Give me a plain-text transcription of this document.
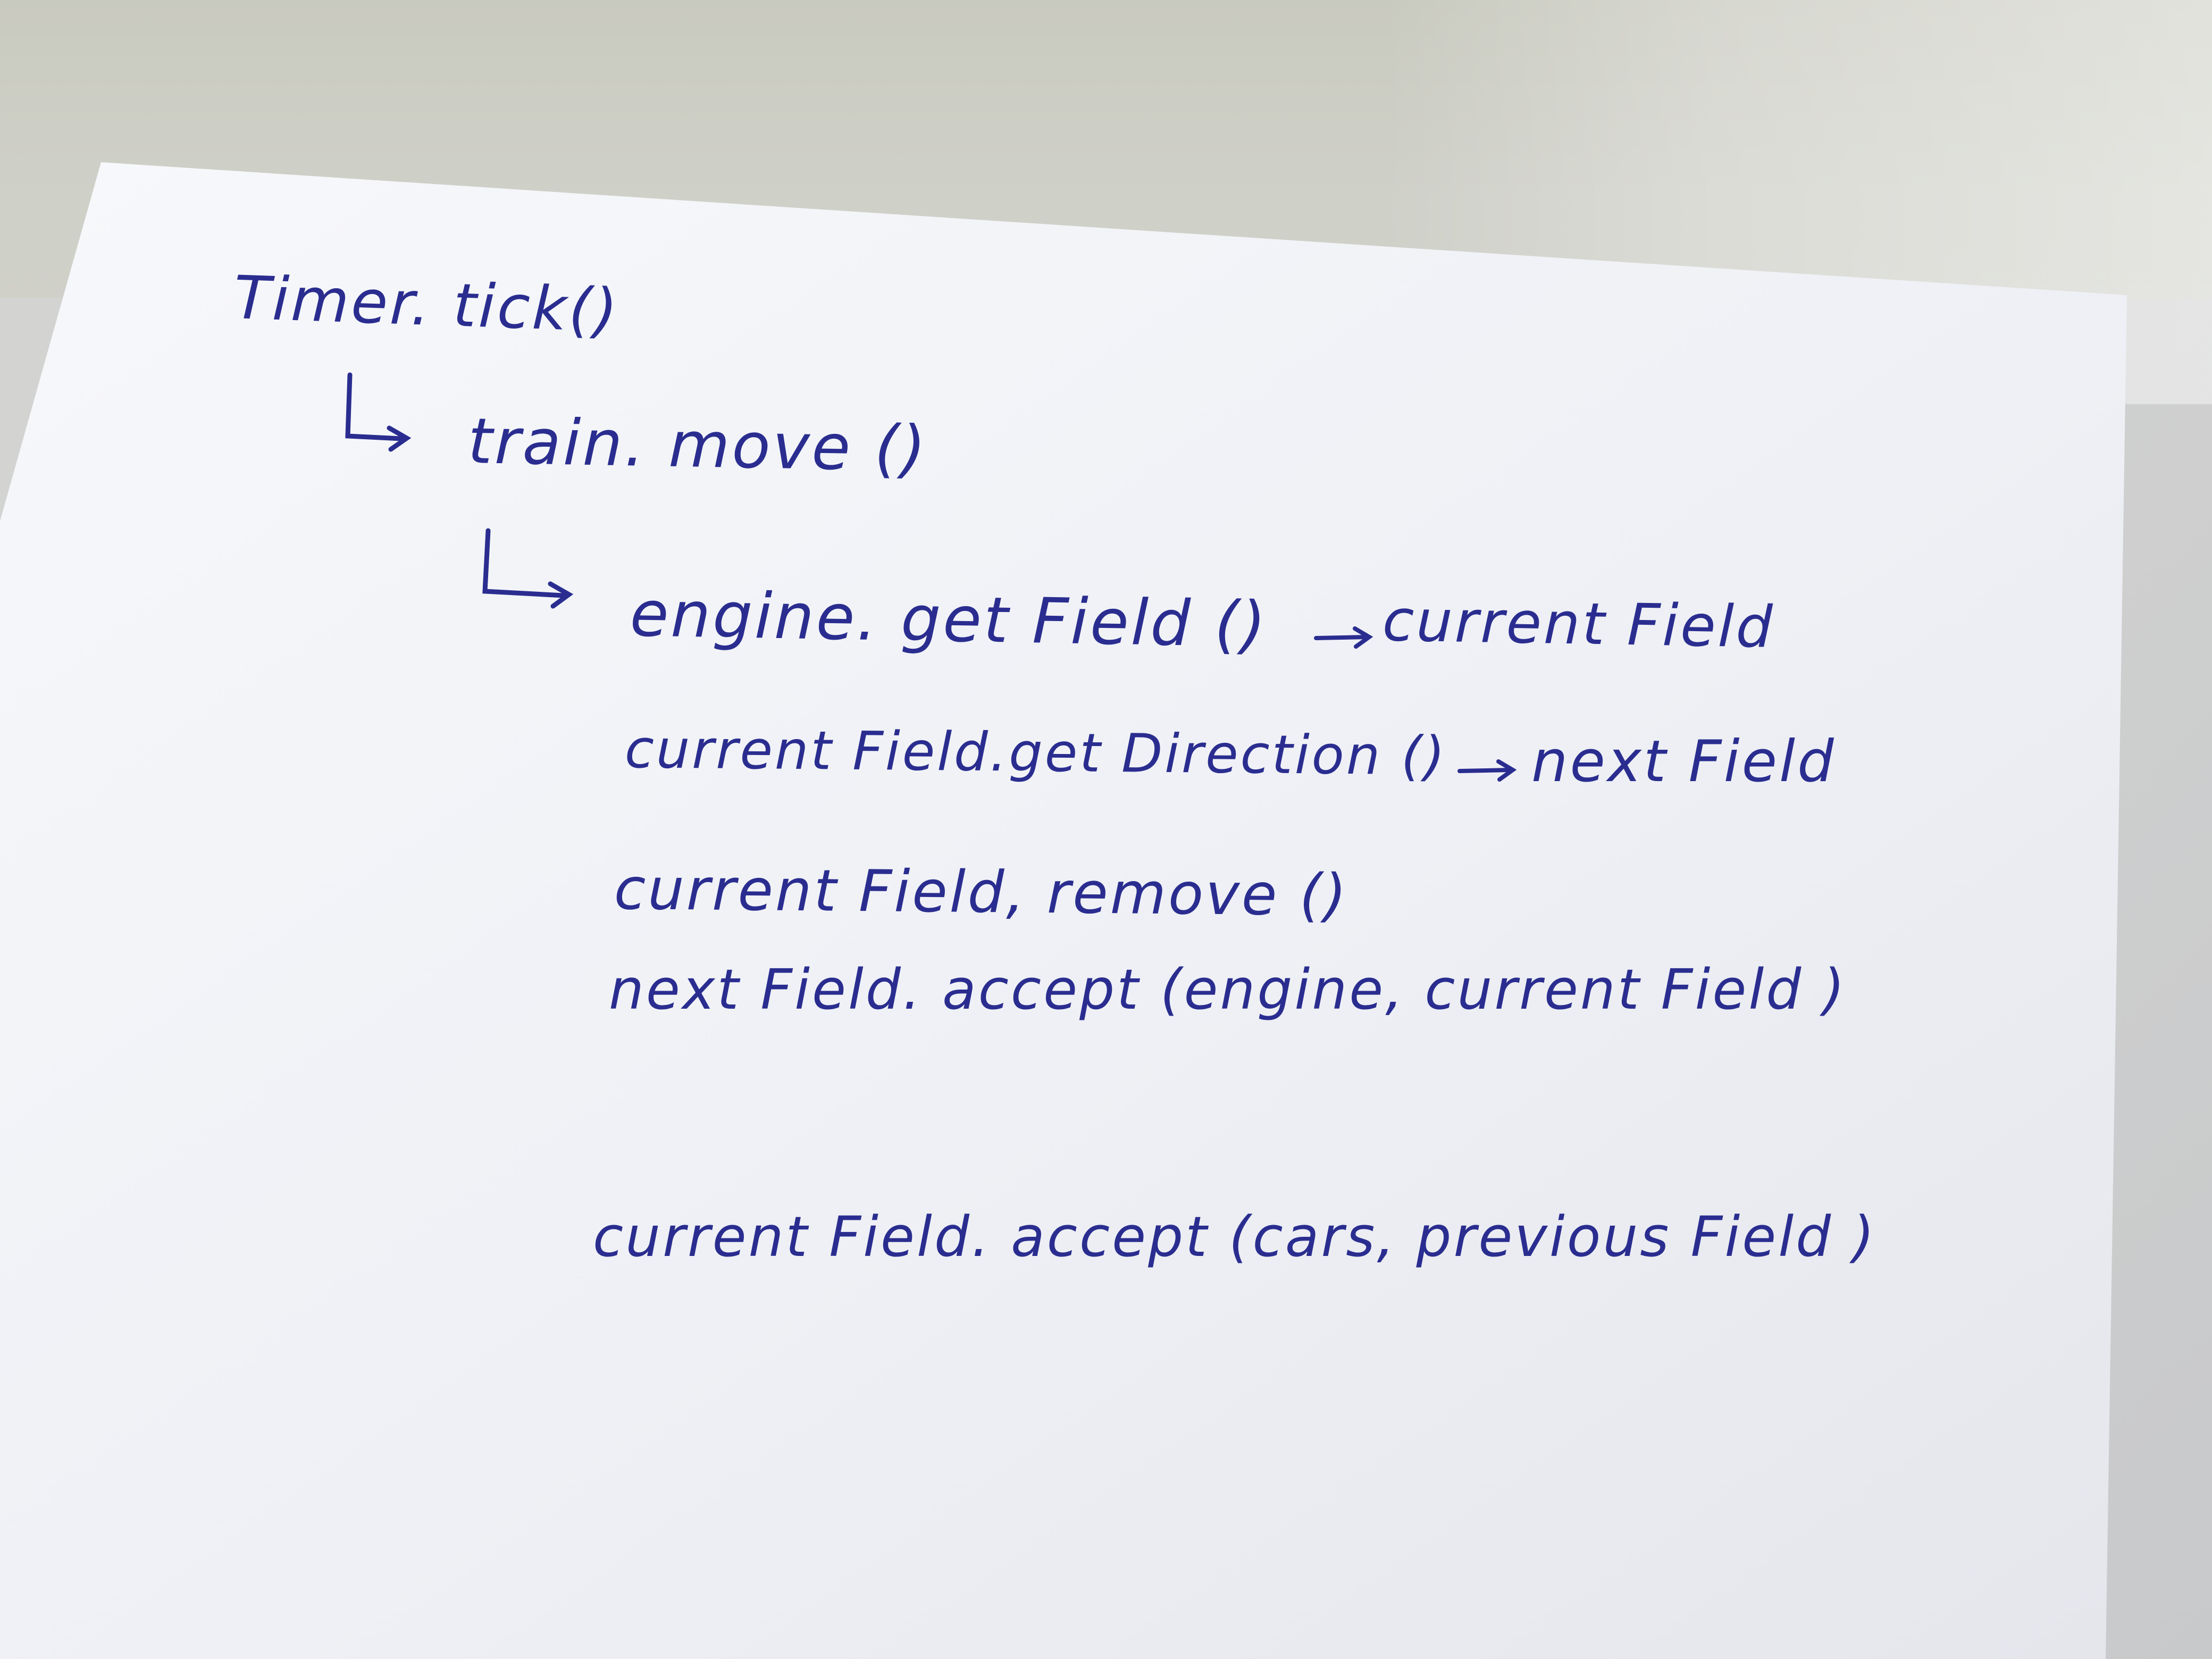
Timer. tick()
train. move ()
engine. get Field () current Field
current Field.get Direction () next Field
current Field, remove ()
next Field. accept (engine, current Field )
current Field. accept (cars, previous Field )
